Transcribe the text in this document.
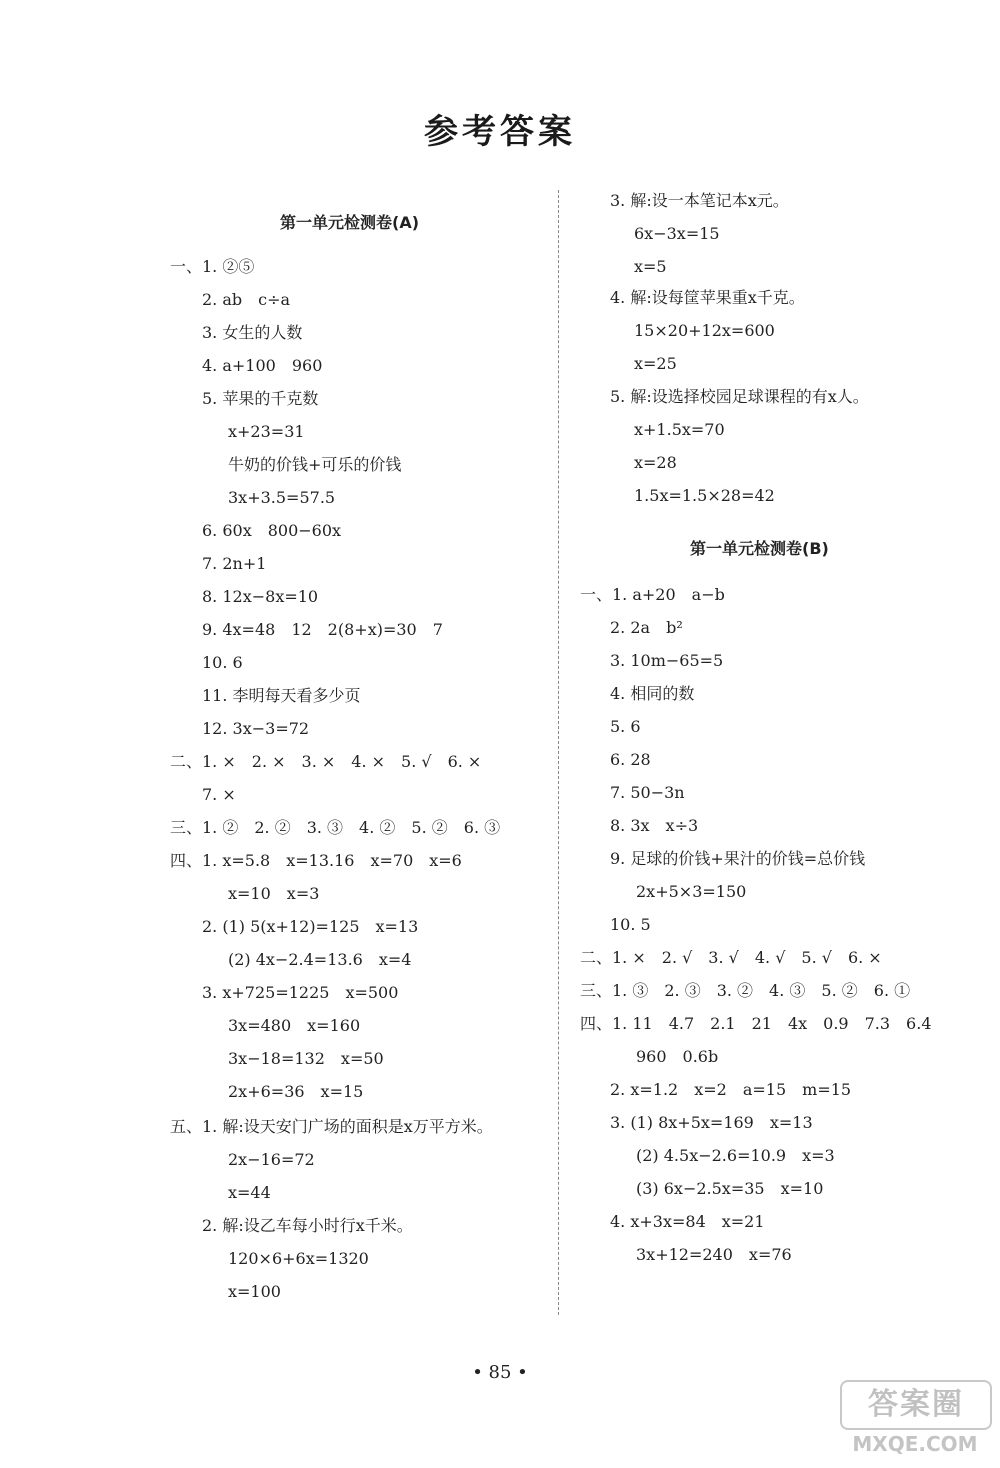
参考答案
第一单元检测卷(A)
一、1. ②⑤
2. ab　c÷a
3. 女生的人数
4. a+100　960
5. 苹果的千克数
x+23=31
牛奶的价钱+可乐的价钱
3x+3.5=57.5
6. 60x　800−60x
7. 2n+1
8. 12x−8x=10
9. 4x=48　12　2(8+x)=30　7
10. 6
11. 李明每天看多少页
12. 3x−3=72
二、1. ×　2. ×　3. ×　4. ×　5. √　6. ×
7. ×
三、1. ②　2. ②　3. ③　4. ②　5. ②　6. ③
四、1. x=5.8　x=13.16　x=70　x=6
x=10　x=3
2. (1) 5(x+12)=125　x=13
(2) 4x−2.4=13.6　x=4
3. x+725=1225　x=500
3x=480　x=160
3x−18=132　x=50
2x+6=36　x=15
五、1. 解:设天安门广场的面积是x万平方米。
2x−16=72
x=44
2. 解:设乙车每小时行x千米。
120×6+6x=1320
x=100
3. 解:设一本笔记本x元。
6x−3x=15
x=5
4. 解:设每筐苹果重x千克。
15×20+12x=600
x=25
5. 解:设选择校园足球课程的有x人。
x+1.5x=70
x=28
1.5x=1.5×28=42
第一单元检测卷(B)
一、1. a+20　a−b
2. 2a　b²
3. 10m−65=5
4. 相同的数
5. 6
6. 28
7. 50−3n
8. 3x　x÷3
9. 足球的价钱+果汁的价钱=总价钱
2x+5×3=150
10. 5
二、1. ×　2. √　3. √　4. √　5. √　6. ×
三、1. ③　2. ③　3. ②　4. ③　5. ②　6. ①
四、1. 11　4.7　2.1　21　4x　0.9　7.3　6.4
960　0.6b
2. x=1.2　x=2　a=15　m=15
3. (1) 8x+5x=169　x=13
(2) 4.5x−2.6=10.9　x=3
(3) 6x−2.5x=35　x=10
4. x+3x=84　x=21
3x+12=240　x=76
• 85 •
答案圈
MXQE.COM
